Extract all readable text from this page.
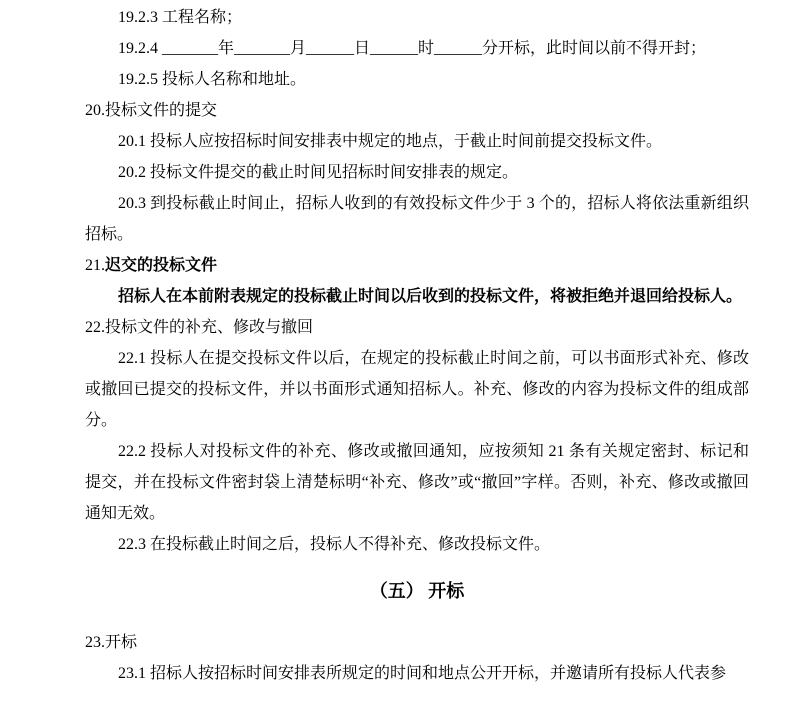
19.2.3 工程名称；
19.2.4 _______年_______月______日______时______分开标，此时间以前不得开封；
19.2.5 投标人名称和地址。
20.投标文件的提交
20.1 投标人应按招标时间安排表中规定的地点，于截止时间前提交投标文件。
20.2 投标文件提交的截止时间见招标时间安排表的规定。
20.3 到投标截止时间止，招标人收到的有效投标文件少于 3 个的，招标人将依法重新组织招标。
21.迟交的投标文件
招标人在本前附表规定的投标截止时间以后收到的投标文件，将被拒绝并退回给投标人。
22.投标文件的补充、修改与撤回
22.1 投标人在提交投标文件以后，在规定的投标截止时间之前，可以书面形式补充、修改或撤回已提交的投标文件，并以书面形式通知招标人。补充、修改的内容为投标文件的组成部分。
22.2 投标人对投标文件的补充、修改或撤回通知，应按须知 21 条有关规定密封、标记和提交，并在投标文件密封袋上清楚标明“补充、修改”或“撤回”字样。否则，补充、修改或撤回通知无效。
22.3 在投标截止时间之后，投标人不得补充、修改投标文件。
（五） 开标
23.开标
23.1 招标人按招标时间安排表所规定的时间和地点公开开标，并邀请所有投标人代表参
